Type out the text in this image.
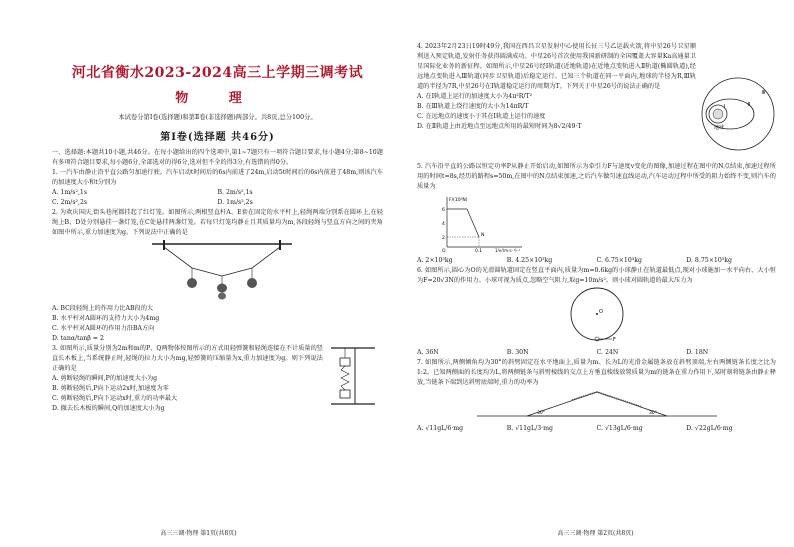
河北省衡水2023-2024高三上学期三调考试
物 理
本试卷分第Ⅰ卷(选择题)和第Ⅱ卷(非选择题)两部分。共8页,总分100分。
第Ⅰ卷(选择题 共46分)

一、选择题:本题共10小题,共46分。在每小题给出的四个选项中,第1~7题只有一项符合题目要求,每小题4分;第8~10题有多项符合题目要求,每小题6分,全部选对的得6分,选对但不全的得3分,有选错的得0分。

1. 一汽车由静止沿平直公路匀加速行驶。汽车启动t时间后的6s内前进了24m,启动5t时间后的6s内前进了48m,则该汽车的加速度大小和t分别为

A. 1m/s²,1s	B. 2m/s²,1s
C. 2m/s²,2s	D. 1m/s²,2s

2. 为欢庆国庆,街头巷尾都挂起了红灯笼。如图所示,两根竖直杆A、E套在固定的水平杆上,轻绳两端分别系在圆环上,在轻绳上B、D处分别悬挂一盏灯笼,在C处悬挂两盏灯笼。若每只灯笼均静止且其质量均为m,各段轻绳与竖直方向之间的夹角如图中所示,重力加速度为g。下列说法中正确的是

A. BC段轻绳上的作用力比AB段的大
B. 水平杆对A圆环的支持力大小为4mg
C. 水平杆对A圆环的作用力沿BA方向
D. tanα/tanβ = 2

3. 如图所示,质量分别为2m和m的P、Q两物体按图所示的方式用轻弹簧和轻绳连接在不计质量的竖直长木板上,当系统静止时,轻绳的拉力大小为mg,轻弹簧的压缩量为x,重力加速度为g。则下列说法正确的是

A. 剪断轻绳的瞬间,P的加速度大小为g
B. 剪断轻绳后,P向下运动2x时,加速度为零
C. 剪断轻绳后,P向下运动x时,重力的功率最大
D. 撤去长木板的瞬间,Q的加速度大小为g
高三三调·物理 第1页(共8页)

4. 2023年2月23日19时49分,我国在西昌卫星发射中心使用长征三号乙运载火箭,将中星26号卫星顺利送入预定轨道,发射任务获得圆满成功。中星26号首次使用我国新研制的全国覆盖大容量Ka高通量卫星国际化业务的新征程。如图所示,中星26号经Ⅰ轨道(近地轨道)在近地点变轨进入Ⅱ轨道(椭圆轨道),经远地点变轨进入Ⅲ轨道(同步卫星轨道)后稳定运行。已知三个轨道在同一平面内,地球的半径为R,Ⅲ轨道的半径为7R,中星26号在Ⅰ轨道稳定运行的周期为T。下列关于中星26号的说法正确的是

A. 在Ⅰ轨道上运行的加速度大小为4π²R/T²
B. 在Ⅲ轨道上绕行速度的大小为14πR/T
C. 在远地点的速度小于其在Ⅰ轨道上运行的速度
D. 在Ⅱ轨道上由近地点至远地点所用的最短时间为8√2/49·T	地球
Ⅰ	Ⅱ
Ⅲ

5. 汽车沿平直的公路以恒定功率P从静止开始启动,如图所示为牵引力F与速度v变化的图像,加速过程在图中的N点结束,加速过程所用的时间t=8s,经历的路程s=50m,在图中的N点结束加速,之后汽车做匀速直线运动,汽车运动过程中所受的阻力始终不变,则汽车的质量为

F/(10³N)
1/v/(m·s⁻¹)⁻¹
6
4
2
O	0.1
N
A. 2×10³kg	B. 4.25×10³kg	C. 6.75×10³kg	D. 8.75×10³kg

6. 如图所示,圆心为O的光滑圆轨道固定在竖直平面内,质量为m=0.6kg的小球静止在轨道最低点,现对小球施加一水平向右、大小恒为F=20√3N的作用力。小球可视为质点,忽略空气阻力,取g=10m/s²。则小球对圆轨道的最大压力为

O
F
A. 36N	B. 30N	C. 24N	D. 18N

7. 如图所示,两侧倾角均为30°的斜劈固定在水平地面上,质量为m、长为L的光滑金属链条放在斜劈顶端,左右两侧链条长度之比为1:2。已知两侧面的长度均为L,将两侧链条与斜劈棱线的交点上方垂直棱线放置质量为m的链条在重力作用下,某时刻将链条由静止释放,当链条下端到达斜劈底端时,重力的功率为

30°	30°
A. √11gL/6·mg	B. √11gL/3·mg	C. √13gL/6·mg	D. √22gL/6·mg
高三三调·物理 第2页(共8页)
